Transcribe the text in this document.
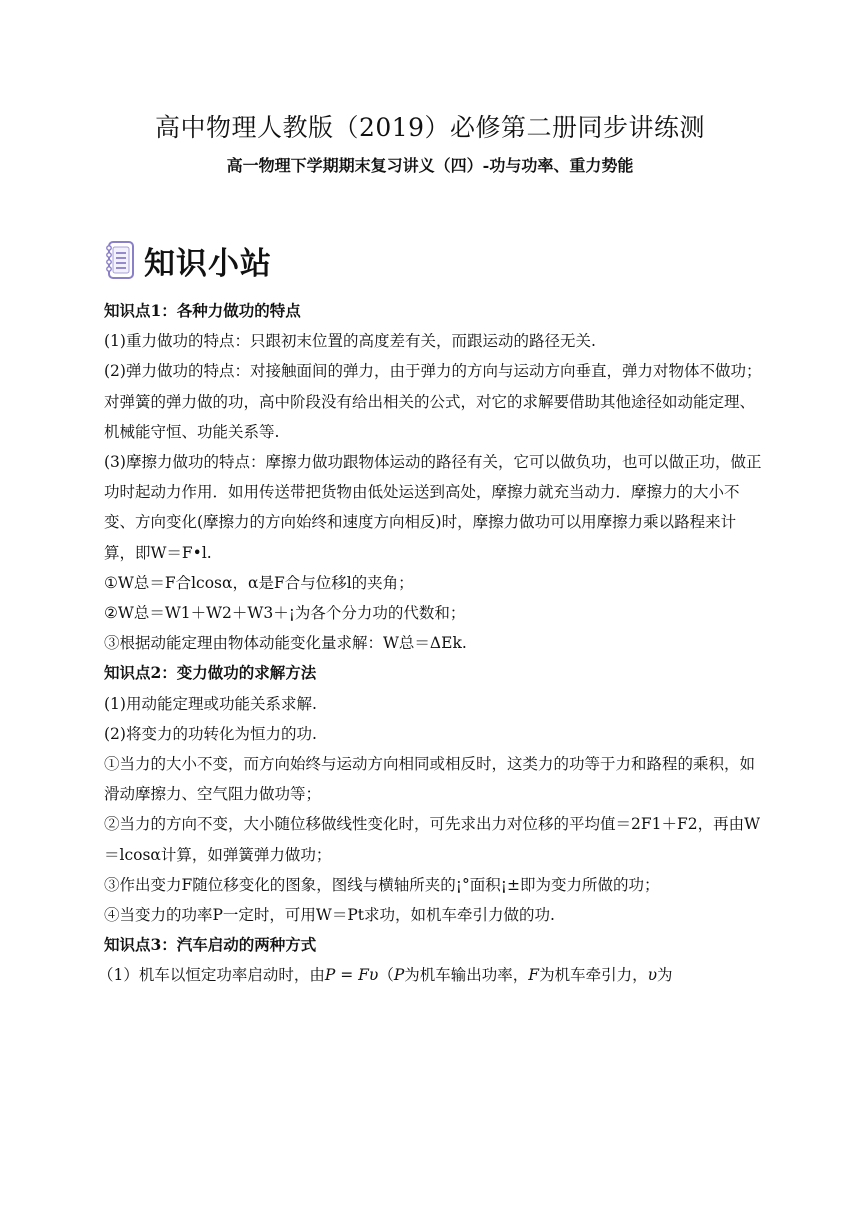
高中物理人教版（2019）必修第二册同步讲练测
高一物理下学期期末复习讲义（四）-功与功率、重力势能
知识小站

知识点1：各种力做功的特点

(1)重力做功的特点：只跟初末位置的高度差有关，而跟运动的路径无关.

(2)弹力做功的特点：对接触面间的弹力，由于弹力的方向与运动方向垂直，弹力对物体不做功；对弹簧的弹力做的功，高中阶段没有给出相关的公式，对它的求解要借助其他途径如动能定理、机械能守恒、功能关系等.

(3)摩擦力做功的特点：摩擦力做功跟物体运动的路径有关，它可以做负功，也可以做正功，做正功时起动力作用．如用传送带把货物由低处运送到高处，摩擦力就充当动力．摩擦力的大小不变、方向变化(摩擦力的方向始终和速度方向相反)时，摩擦力做功可以用摩擦力乘以路程来计算，即W＝F•l.

①W总＝F合lcosα，α是F合与位移l的夹角；

②W总＝W1＋W2＋W3＋¡为各个分力功的代数和；

③根据动能定理由物体动能变化量求解：W总＝ΔEk.

知识点2：变力做功的求解方法

(1)用动能定理或功能关系求解.

(2)将变力的功转化为恒力的功.

①当力的大小不变，而方向始终与运动方向相同或相反时，这类力的功等于力和路程的乘积，如滑动摩擦力、空气阻力做功等；

②当力的方向不变，大小随位移做线性变化时，可先求出力对位移的平均值＝2F1＋F2，再由W＝lcosα计算，如弹簧弹力做功；

③作出变力F随位移变化的图象，图线与横轴所夹的¡°面积¡±即为变力所做的功；

④当变力的功率P一定时，可用W＝Pt求功，如机车牵引力做的功.

知识点3：汽车启动的两种方式

（1）机车以恒定功率启动时，由P = Fυ（P为机车输出功率，F为机车牵引力，υ为
